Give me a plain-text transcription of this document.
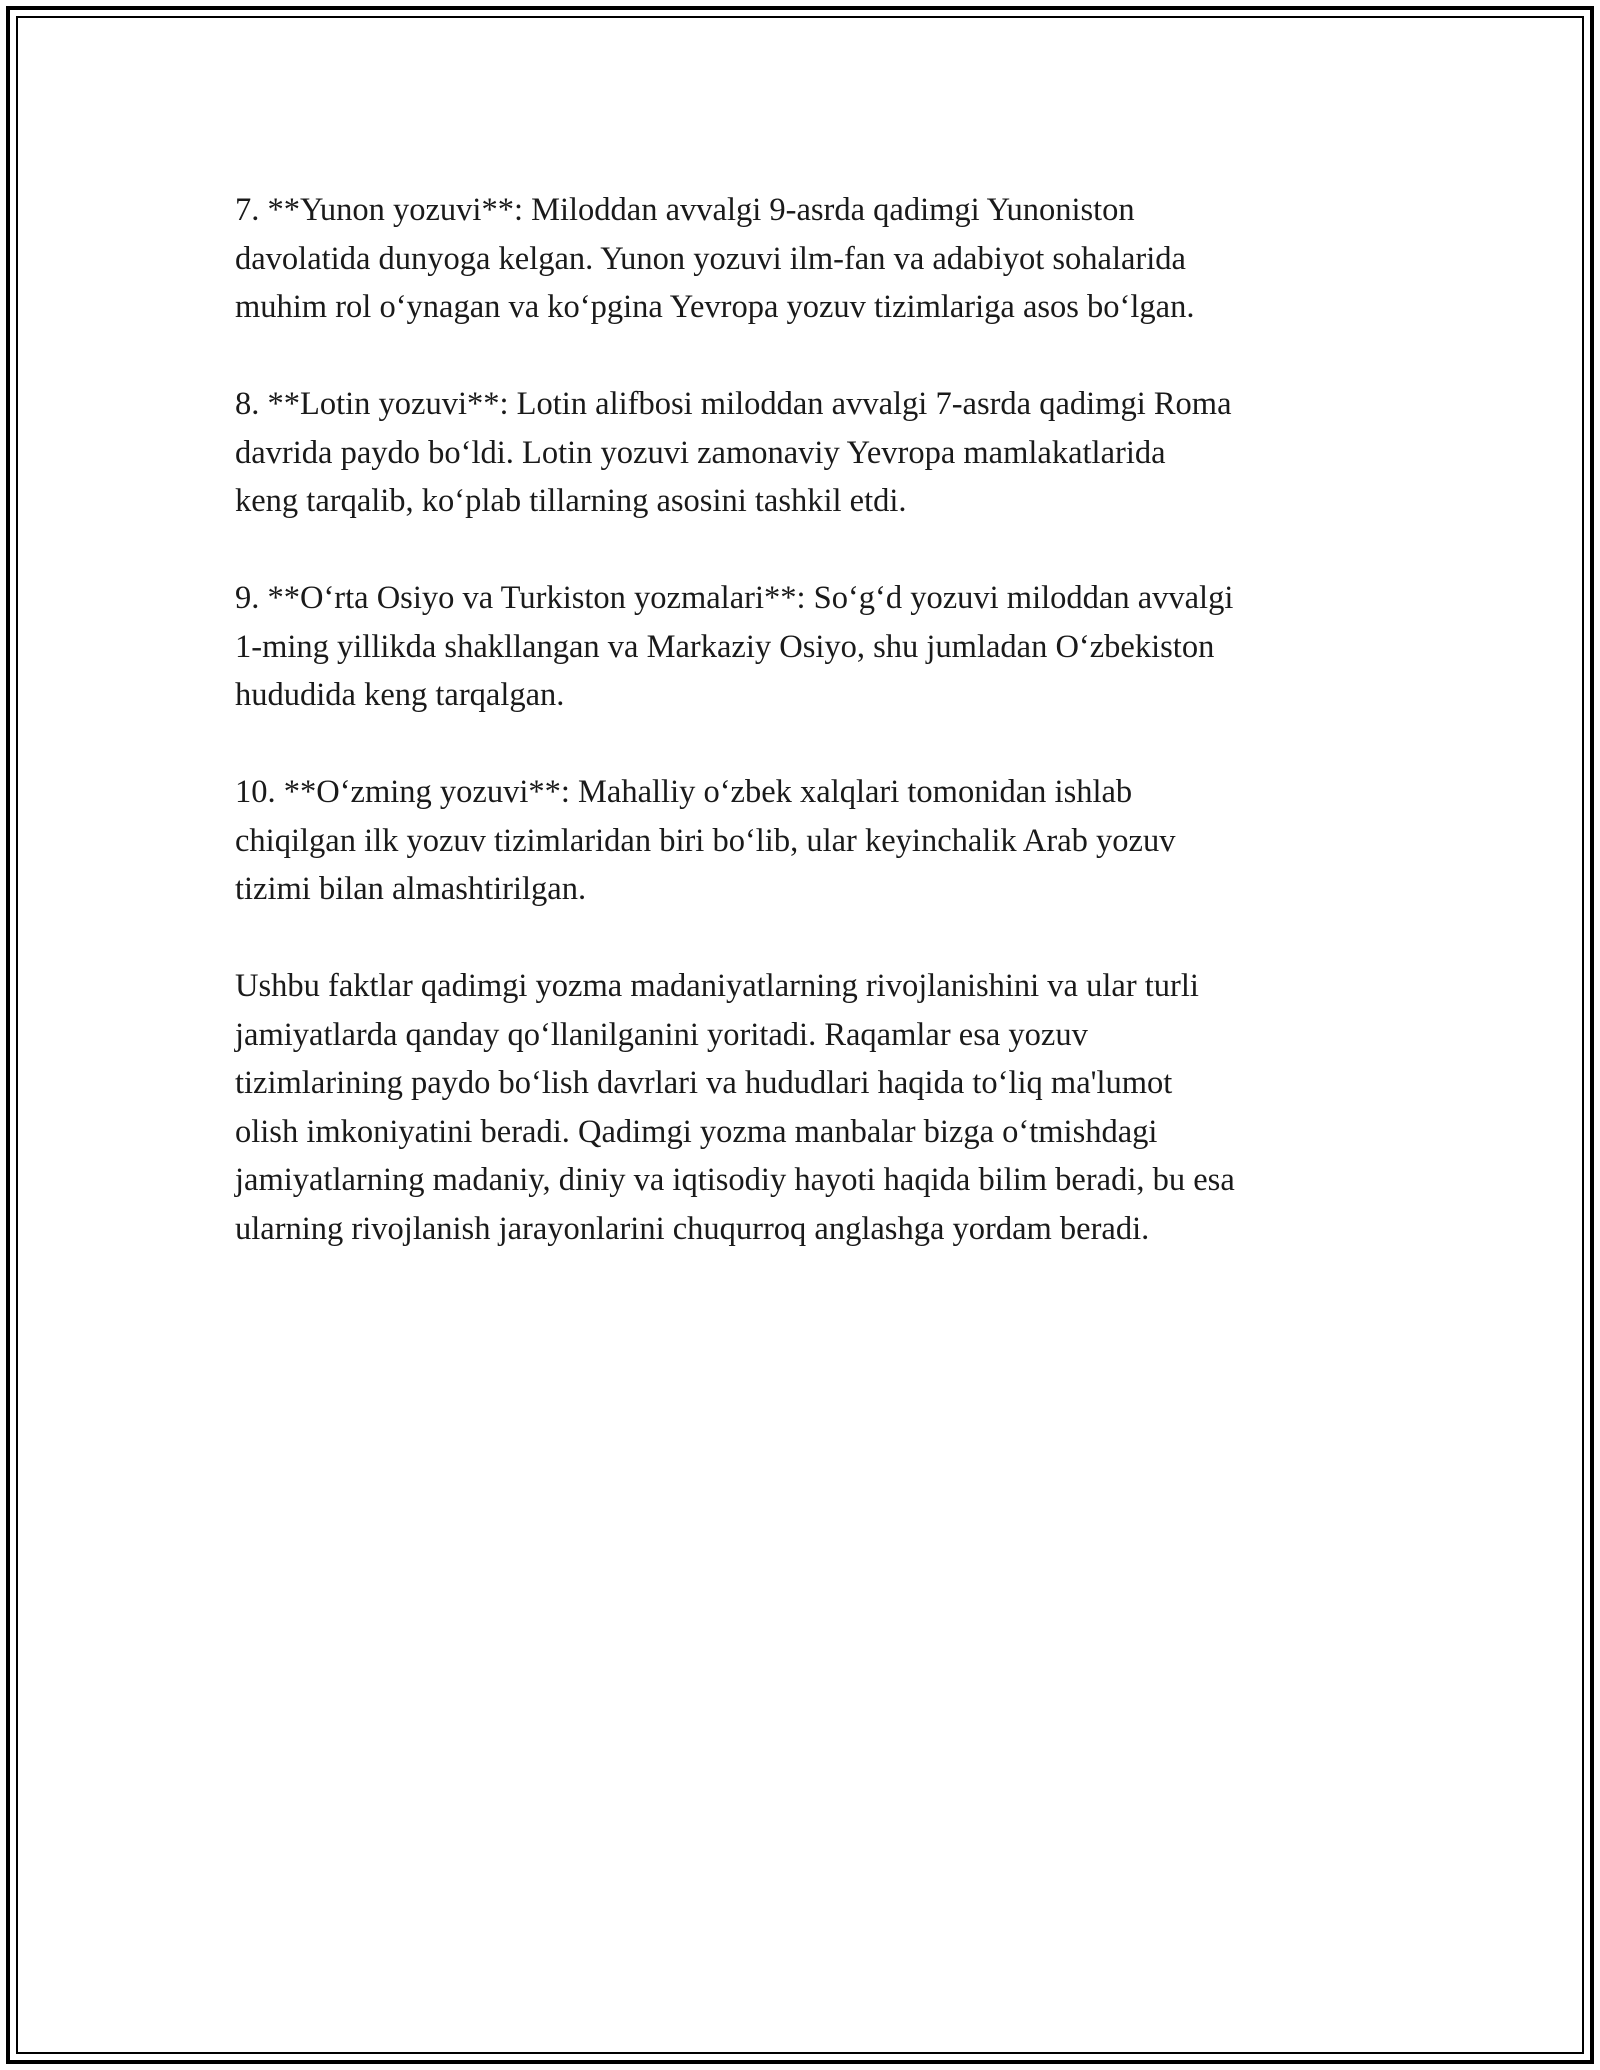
7. **Yunon yozuvi**: Miloddan avvalgi 9-asrda qadimgi Yunoniston
davolatida dunyoga kelgan. Yunon yozuvi ilm-fan va adabiyot sohalarida
muhim rol oʻynagan va koʻpgina Yevropa yozuv tizimlariga asos boʻlgan.

8. **Lotin yozuvi**: Lotin alifbosi miloddan avvalgi 7-asrda qadimgi Roma
davrida paydo boʻldi. Lotin yozuvi zamonaviy Yevropa mamlakatlarida
keng tarqalib, koʻplab tillarning asosini tashkil etdi.

9. **Oʻrta Osiyo va Turkiston yozmalari**: Soʻgʻd yozuvi miloddan avvalgi
1-ming yillikda shakllangan va Markaziy Osiyo, shu jumladan Oʻzbekiston
hududida keng tarqalgan.

10. **Oʻzming yozuvi**: Mahalliy oʻzbek xalqlari tomonidan ishlab
chiqilgan ilk yozuv tizimlaridan biri boʻlib, ular keyinchalik Arab yozuv
tizimi bilan almashtirilgan.

Ushbu faktlar qadimgi yozma madaniyatlarning rivojlanishini va ular turli
jamiyatlarda qanday qoʻllanilganini yoritadi. Raqamlar esa yozuv
tizimlarining paydo boʻlish davrlari va hududlari haqida toʻliq ma'lumot
olish imkoniyatini beradi. Qadimgi yozma manbalar bizga oʻtmishdagi
jamiyatlarning madaniy, diniy va iqtisodiy hayoti haqida bilim beradi, bu esa
ularning rivojlanish jarayonlarini chuqurroq anglashga yordam beradi.
